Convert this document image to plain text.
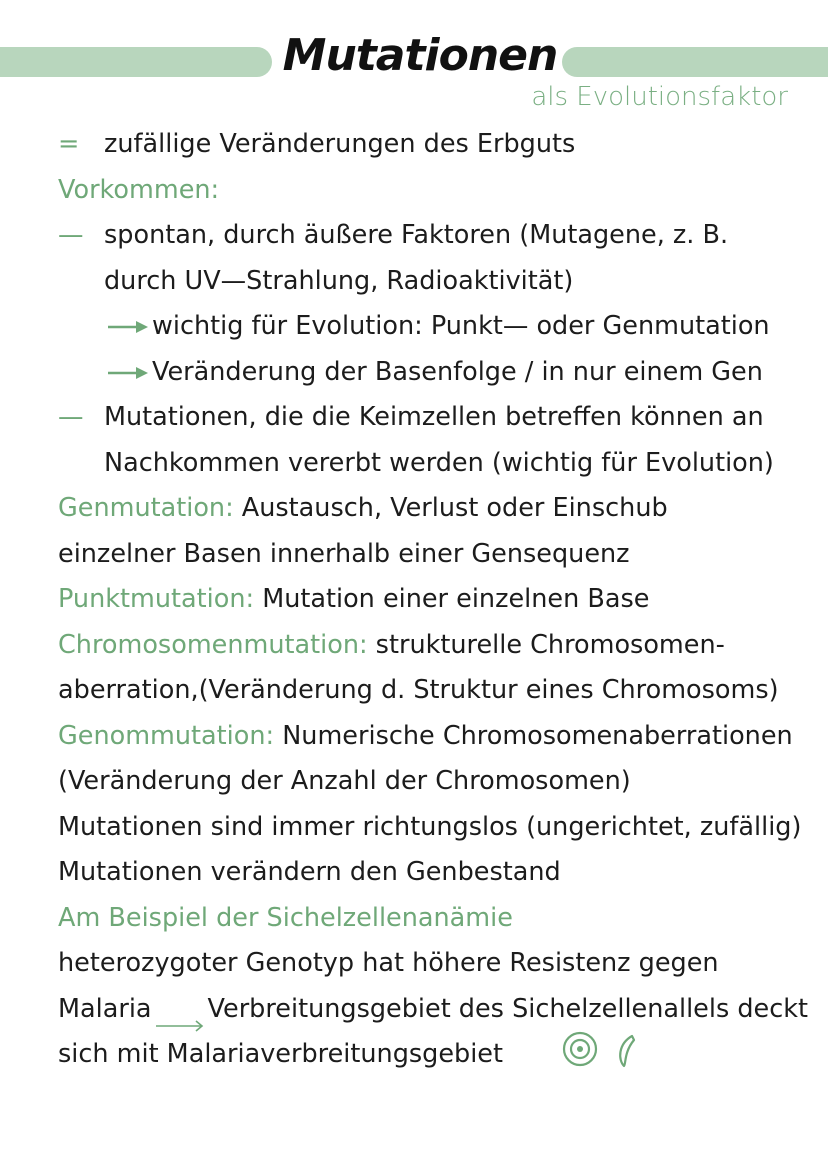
Mutationen

als Evolutionsfaktor

= zufällige Veränderungen des Erbguts
Vorkommen:
— spontan, durch äußere Faktoren (Mutagene, z. B.
durch UV—Strahlung, Radioaktivität)
wichtig für Evolution: Punkt— oder Genmutation
Veränderung der Basenfolge / in nur einem Gen
— Mutationen, die die Keimzellen betreffen können an
Nachkommen vererbt werden (wichtig für Evolution)
Genmutation: Austausch, Verlust oder Einschub
einzelner Basen innerhalb einer Gensequenz
Punktmutation: Mutation einer einzelnen Base
Chromosomenmutation: strukturelle Chromosomen-
aberration,(Veränderung d. Struktur eines Chromosoms)
Genommutation: Numerische Chromosomenaberrationen
(Veränderung der Anzahl der Chromosomen)
Mutationen sind immer richtungslos (ungerichtet, zufällig)
Mutationen verändern den Genbestand
Am Beispiel der Sichelzellenanämie
heterozygoter Genotyp hat höhere Resistenz gegen
Malaria Verbreitungsgebiet des Sichelzellenallels deckt
sich mit Malariaverbreitungsgebiet
